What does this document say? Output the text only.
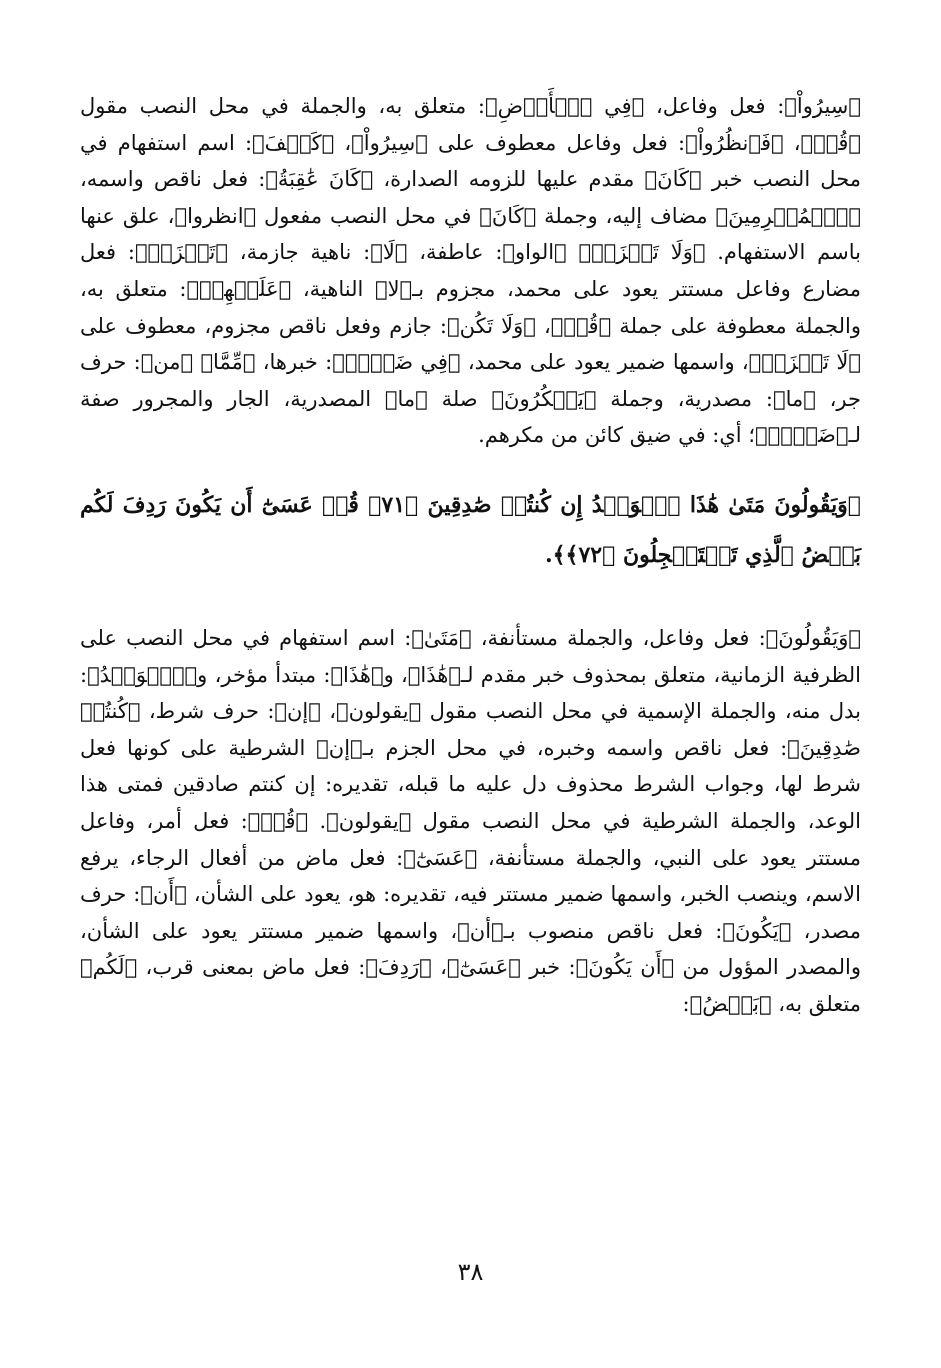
﴿سِيرُواْ﴾: فعل وفاعل، ﴿فِي ٱلۡأَرۡضِ﴾: متعلق به، والجملة في محل النصب مقول ﴿قُلۡ﴾، ﴿فَٱنظُرُواْ﴾: فعل وفاعل معطوف على ﴿سِيرُواْ﴾، ﴿كَيۡفَ﴾: اسم استفهام في محل النصب خبر ﴿كَانَ﴾ مقدم عليها للزومه الصدارة، ﴿كَانَ عَٰقِبَةُ﴾: فعل ناقص واسمه، ﴿ٱلۡمُجۡرِمِينَ﴾ مضاف إليه، وجملة ﴿كَانَ﴾ في محل النصب مفعول ﴿انظروا﴾، علق عنها باسم الاستفهام. ﴿وَلَا تَحۡزَنۡ﴾ ﴿الواو﴾: عاطفة، ﴿لَا﴾: ناهية جازمة، ﴿تَحۡزَنۡ﴾: فعل مضارع وفاعل مستتر يعود على محمد، مجزوم بـ﴿لا﴾ الناهية، ﴿عَلَيۡهِمۡ﴾: متعلق به، والجملة معطوفة على جملة ﴿قُلۡ﴾، ﴿وَلَا تَكُن﴾: جازم وفعل ناقص مجزوم، معطوف على ﴿لَا تَحۡزَنۡ﴾، واسمها ضمير يعود على محمد، ﴿فِي ضَيۡقٖ﴾: خبرها، ﴿مِّمَّا﴾ ﴿من﴾: حرف جر، ﴿ما﴾: مصدرية، وجملة ﴿يَمۡكُرُونَ﴾ صلة ﴿ما﴾ المصدرية، الجار والمجرور صفة لـ﴿ضَيۡقٖ﴾؛ أي: في ضيق كائن من مكرهم.

﴿وَيَقُولُونَ مَتَىٰ هَٰذَا ٱلۡوَعۡدُ إِن كُنتُمۡ صَٰدِقِينَ ﴿٧١﴾ قُلۡ عَسَىٰٓ أَن يَكُونَ رَدِفَ لَكُم بَعۡضُ ٱلَّذِي تَسۡتَعۡجِلُونَ ﴿٧٢﴾﴾.

﴿وَيَقُولُونَ﴾: فعل وفاعل، والجملة مستأنفة، ﴿مَتَىٰ﴾: اسم استفهام في محل النصب على الظرفية الزمانية، متعلق بمحذوف خبر مقدم لـ﴿هَٰذَا﴾، و﴿هَٰذَا﴾: مبتدأ مؤخر، و﴿ٱلۡوَعۡدُ﴾: بدل منه، والجملة الإسمية في محل النصب مقول ﴿يقولون﴾، ﴿إن﴾: حرف شرط، ﴿كُنتُمۡ صَٰدِقِينَ﴾: فعل ناقص واسمه وخبره، في محل الجزم بـ﴿إن﴾ الشرطية على كونها فعل شرط لها، وجواب الشرط محذوف دل عليه ما قبله، تقديره: إن كنتم صادقين فمتى هذا الوعد، والجملة الشرطية في محل النصب مقول ﴿يقولون﴾. ﴿قُلۡ﴾: فعل أمر، وفاعل مستتر يعود على النبي، والجملة مستأنفة، ﴿عَسَىٰٓ﴾: فعل ماض من أفعال الرجاء، يرفع الاسم، وينصب الخبر، واسمها ضمير مستتر فيه، تقديره: هو، يعود على الشأن، ﴿أَن﴾: حرف مصدر، ﴿يَكُونَ﴾: فعل ناقص منصوب بـ﴿أن﴾، واسمها ضمير مستتر يعود على الشأن، والمصدر المؤول من ﴿أَن يَكُونَ﴾: خبر ﴿عَسَىٰٓ﴾، ﴿رَدِفَ﴾: فعل ماض بمعنى قرب، ﴿لَكُم﴾ متعلق به، ﴿بَعۡضُ﴾:

٣٨
